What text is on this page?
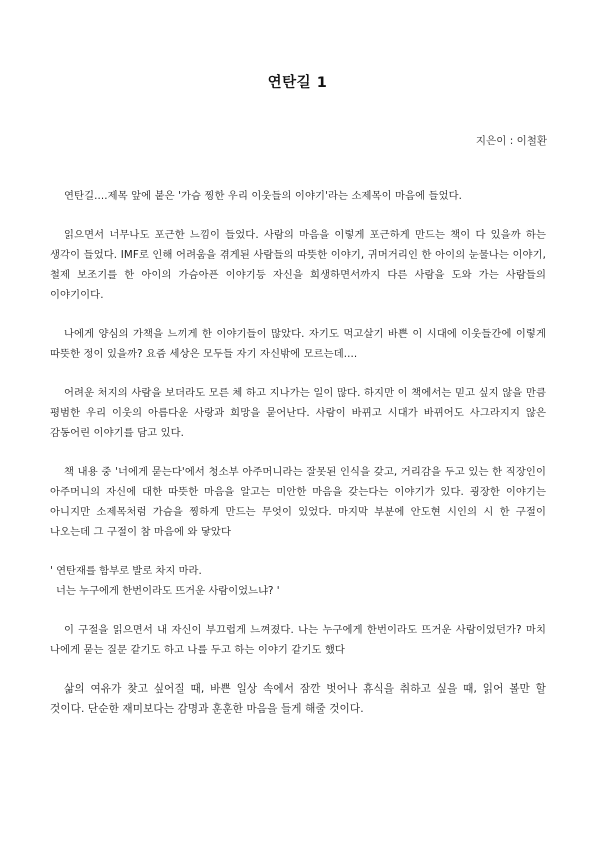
연탄길 1
지은이 : 이철환

연탄길....제목 앞에 붙은 '가슴 찡한 우리 이웃들의 이야기'라는 소제목이 마음에 들었다.

읽으면서 너무나도 포근한 느낌이 들었다. 사람의 마음을 이렇게 포근하게 만드는 책이 다 있을까 하는 생각이 들었다. IMF로 인해 어려움을 겪게된 사람들의 따뜻한 이야기, 귀머거리인 한 아이의 눈물나는 이야기, 철제 보조기를 한 아이의 가슴아픈 이야기등 자신을 희생하면서까지 다른 사람을 도와 가는 사람들의 이야기이다.

나에게 양심의 가책을 느끼게 한 이야기들이 많았다. 자기도 먹고살기 바쁜 이 시대에 이웃들간에 이렇게 따뜻한 정이 있을까? 요즘 세상은 모두들 자기 자신밖에 모르는데....

어려운 처지의 사람을 보더라도 모른 체 하고 지나가는 일이 많다. 하지만 이 책에서는 믿고 싶지 않을 만큼 평범한 우리 이웃의 아름다운 사랑과 희망을 묻어난다. 사람이 바뀌고 시대가 바뀌어도 사그라지지 않은 감동어린 이야기를 담고 있다.

책 내용 중 '너에게 묻는다'에서 청소부 아주머니라는 잘못된 인식을 갖고, 거리감을 두고 있는 한 직장인이 아주머니의 자신에 대한 따뜻한 마음을 알고는 미안한 마음을 갖는다는 이야기가 있다. 굉장한 이야기는 아니지만 소제목처럼 가슴을 찡하게 만드는 무엇이 있었다. 마지막 부분에 안도현 시인의 시 한 구절이 나오는데 그 구절이 참 마음에 와 닿았다

' 연탄재를 함부로 발로 차지 마라.
너는 누구에게 한번이라도 뜨거운 사람이었느냐? '

이 구절을 읽으면서 내 자신이 부끄럽게 느껴졌다. 나는 누구에게 한번이라도 뜨거운 사람이었던가? 마치 나에게 묻는 질문 같기도 하고 나를 두고 하는 이야기 같기도 했다

삶의 여유가 찾고 싶어질 때, 바쁜 일상 속에서 잠깐 벗어나 휴식을 취하고 싶을 때, 읽어 볼만 할 것이다. 단순한 재미보다는 감명과 훈훈한 마음을 들게 해줄 것이다.
